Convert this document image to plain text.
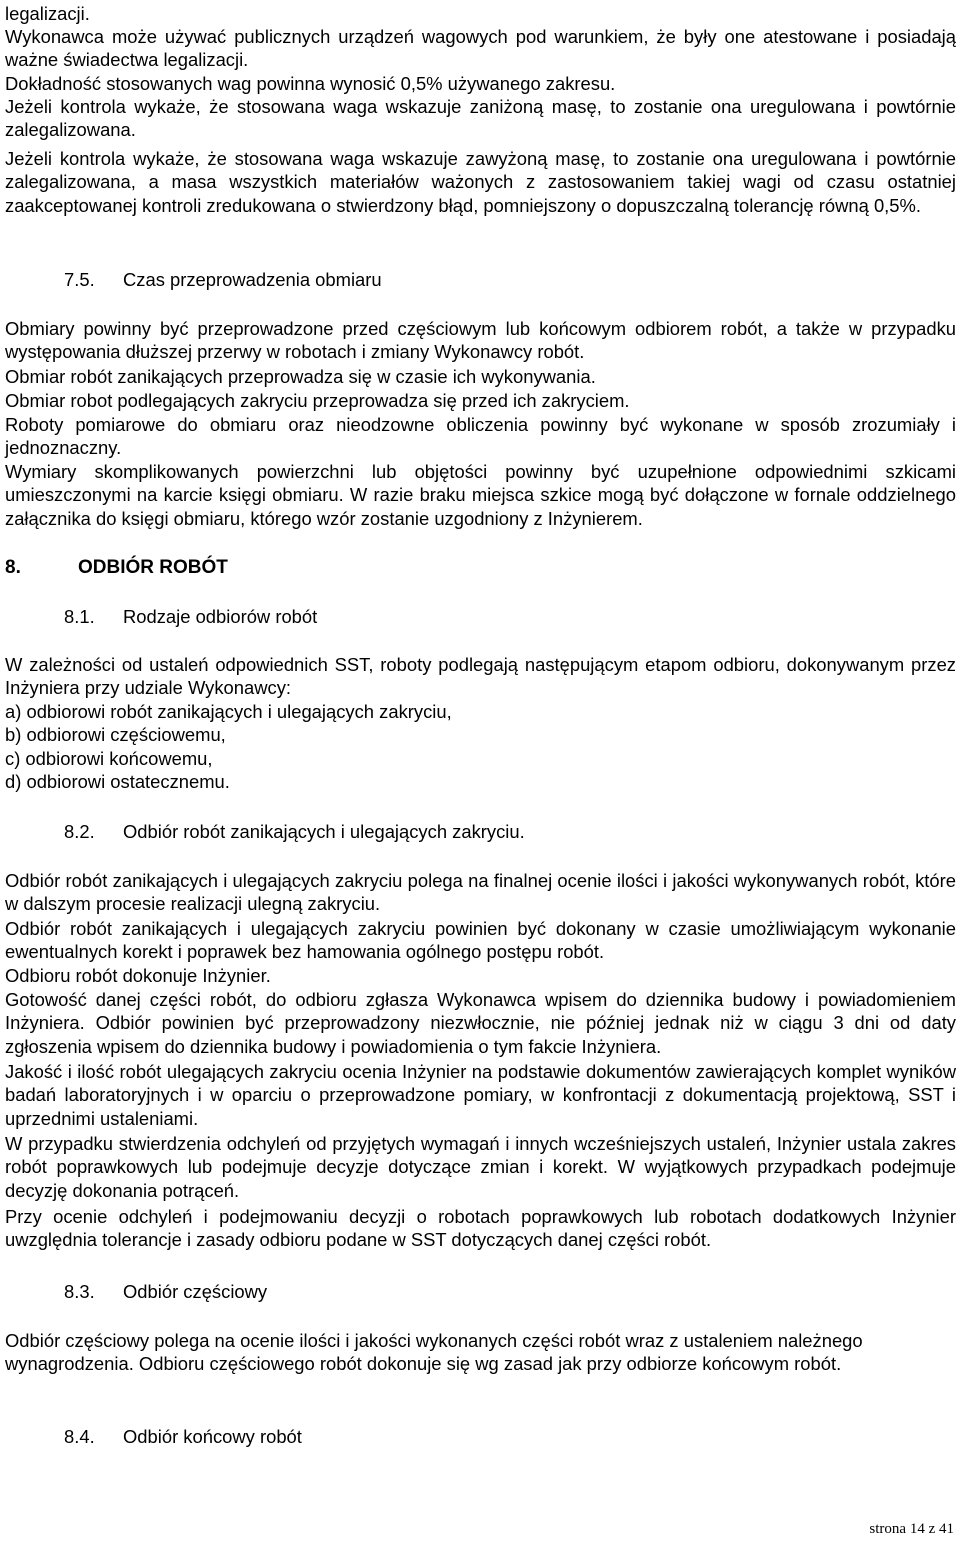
legalizacji.

Wykonawca może używać publicznych urządzeń wagowych pod warunkiem, że były one atestowane i posiadają ważne świadectwa legalizacji.

Dokładność stosowanych wag powinna wynosić 0,5% używanego zakresu.

Jeżeli kontrola wykaże, że stosowana waga wskazuje zaniżoną masę, to zostanie ona uregulowana i powtórnie zalegalizowana.

Jeżeli kontrola wykaże, że stosowana waga wskazuje zawyżoną masę, to zostanie ona uregulowana i powtórnie zalegalizowana, a masa wszystkich materiałów ważonych z zastosowaniem takiej wagi od czasu ostatniej zaakceptowanej kontroli zredukowana o stwierdzony błąd, pomniejszony o dopuszczalną tolerancję równą 0,5%.

7.5. Czas przeprowadzenia obmiaru

Obmiary powinny być przeprowadzone przed częściowym lub końcowym odbiorem robót, a także w przypadku występowania dłuższej przerwy w robotach i zmiany Wykonawcy robót.

Obmiar robót zanikających przeprowadza się w czasie ich wykonywania.

Obmiar robot podlegających zakryciu przeprowadza się przed ich zakryciem.

Roboty pomiarowe do obmiaru oraz nieodzowne obliczenia powinny być wykonane w sposób zrozumiały i jednoznaczny.

Wymiary skomplikowanych powierzchni lub objętości powinny być uzupełnione odpowiednimi szkicami umieszczonymi na karcie księgi obmiaru. W razie braku miejsca szkice mogą być dołączone w fornale oddzielnego załącznika do księgi obmiaru, którego wzór zostanie uzgodniony z Inżynierem.

8.	ODBIÓR ROBÓT
8.1. Rodzaje odbiorów robót

W zależności od ustaleń odpowiednich SST, roboty podlegają następującym etapom odbioru, dokonywanym przez Inżyniera przy udziale Wykonawcy:

a) odbiorowi robót zanikających i ulegających zakryciu,
b) odbiorowi częściowemu,
c) odbiorowi końcowemu,
d) odbiorowi ostatecznemu.
8.2. Odbiór robót zanikających i ulegających zakryciu.

Odbiór robót zanikających i ulegających zakryciu polega na finalnej ocenie ilości i jakości wykonywanych robót, które w dalszym procesie realizacji ulegną zakryciu.

Odbiór robót zanikających i ulegających zakryciu powinien być dokonany w czasie umożliwiającym wykonanie ewentualnych korekt i poprawek bez hamowania ogólnego postępu robót.

Odbioru robót dokonuje Inżynier.

Gotowość danej części robót, do odbioru zgłasza Wykonawca wpisem do dziennika budowy i powiadomieniem Inżyniera. Odbiór powinien być przeprowadzony niezwłocznie, nie później jednak niż w ciągu 3 dni od daty zgłoszenia wpisem do dziennika budowy i powiadomienia o tym fakcie Inżyniera.

Jakość i ilość robót ulegających zakryciu ocenia Inżynier na podstawie dokumentów zawierających komplet wyników badań laboratoryjnych i w oparciu o przeprowadzone pomiary, w konfrontacji z dokumentacją projektową, SST i uprzednimi ustaleniami.

W przypadku stwierdzenia odchyleń od przyjętych wymagań i innych wcześniejszych ustaleń, Inżynier ustala zakres robót poprawkowych lub podejmuje decyzje dotyczące zmian i korekt. W wyjątkowych przypadkach podejmuje decyzję dokonania potrąceń.

Przy ocenie odchyleń i podejmowaniu decyzji o robotach poprawkowych lub robotach dodatkowych Inżynier uwzględnia tolerancje i zasady odbioru podane w SST dotyczących danej części robót.

8.3. Odbiór częściowy

Odbiór częściowy polega na ocenie ilości i jakości wykonanych części robót wraz z ustaleniem należnego wynagrodzenia. Odbioru częściowego robót dokonuje się wg zasad jak przy odbiorze końcowym robót.

8.4. Odbiór końcowy robót

strona 14 z 41
